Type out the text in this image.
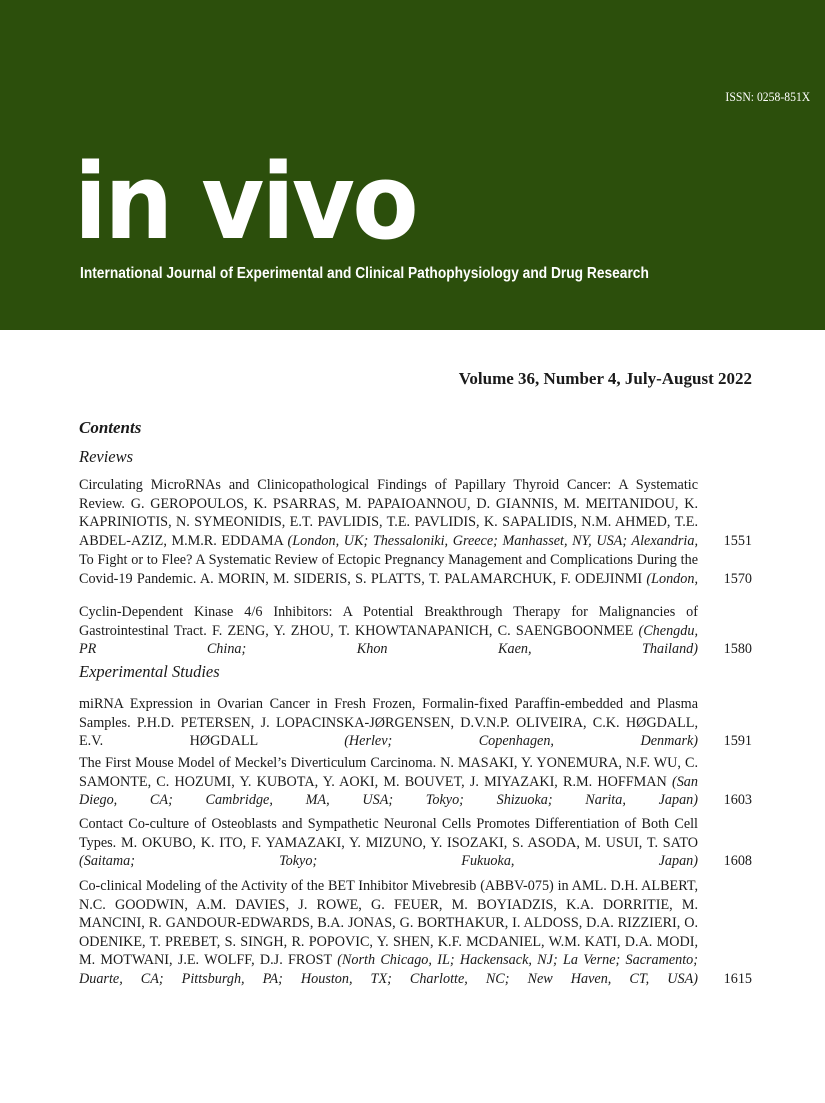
ISSN: 0258-851X
in vivo
International Journal of Experimental and Clinical Pathophysiology and Drug Research
Volume 36, Number 4, July-August 2022
Contents
Reviews
Circulating MicroRNAs and Clinicopathological Findings of Papillary Thyroid Cancer: A Systematic Review. G. GEROPOULOS, K. PSARRAS, M. PAPAIOANNOU, D. GIANNIS, M. MEITANIDOU, K. KAPRINIOTIS, N. SYMEONIDIS, E.T. PAVLIDIS, T.E. PAVLIDIS, K. SAPALIDIS, N.M. AHMED, T.E. ABDEL-AZIZ, M.M.R. EDDAMA (London, UK; Thessaloniki, Greece; Manhasset, NY, USA; Alexandria, .....	1551
To Fight or to Flee? A Systematic Review of Ectopic Pregnancy Management and Complications During the Covid-19 Pandemic. A. MORIN, M. SIDERIS, S. PLATTS, T. PALAMARCHUK, F. ODEJINMI (London, .....	1570
Cyclin-Dependent Kinase 4/6 Inhibitors: A Potential Breakthrough Therapy for Malignancies of Gastrointestinal Tract. F. ZENG, Y. ZHOU, T. KHOWTANAPANICH, C. SAENGBOONMEE (Chengdu, PR China; Khon Kaen, Thailand) .....	1580
Experimental Studies
miRNA Expression in Ovarian Cancer in Fresh Frozen, Formalin-fixed Paraffin-embedded and Plasma Samples. P.H.D. PETERSEN, J. LOPACINSKA-JØRGENSEN, D.V.N.P. OLIVEIRA, C.K. HØGDALL, E.V. HØGDALL (Herlev; Copenhagen, Denmark) .....	1591
The First Mouse Model of Meckel’s Diverticulum Carcinoma. N. MASAKI, Y. YONEMURA, N.F. WU, C. SAMONTE, C. HOZUMI, Y. KUBOTA, Y. AOKI, M. BOUVET, J. MIYAZAKI, R.M. HOFFMAN (San Diego, CA; Cambridge, MA, USA; Tokyo; Shizuoka; Narita, Japan) .....	1603
Contact Co-culture of Osteoblasts and Sympathetic Neuronal Cells Promotes Differentiation of Both Cell Types. M. OKUBO, K. ITO, F. YAMAZAKI, Y. MIZUNO, Y. ISOZAKI, S. ASODA, M. USUI, T. SATO (Saitama; Tokyo; Fukuoka, Japan) .....	1608
Co-clinical Modeling of the Activity of the BET Inhibitor Mivebresib (ABBV-075) in AML. D.H. ALBERT, N.C. GOODWIN, A.M. DAVIES, J. ROWE, G. FEUER, M. BOYIADZIS, K.A. DORRITIE, M. MANCINI, R. GANDOUR-EDWARDS, B.A. JONAS, G. BORTHAKUR, I. ALDOSS, D.A. RIZZIERI, O. ODENIKE, T. PREBET, S. SINGH, R. POPOVIC, Y. SHEN, K.F. MCDANIEL, W.M. KATI, D.A. MODI, M. MOTWANI, J.E. WOLFF, D.J. FROST (North Chicago, IL; Hackensack, NJ; La Verne; Sacramento; Duarte, CA; Pittsburgh, PA; Houston, TX; Charlotte, NC; New Haven, CT, USA) .....	1615
